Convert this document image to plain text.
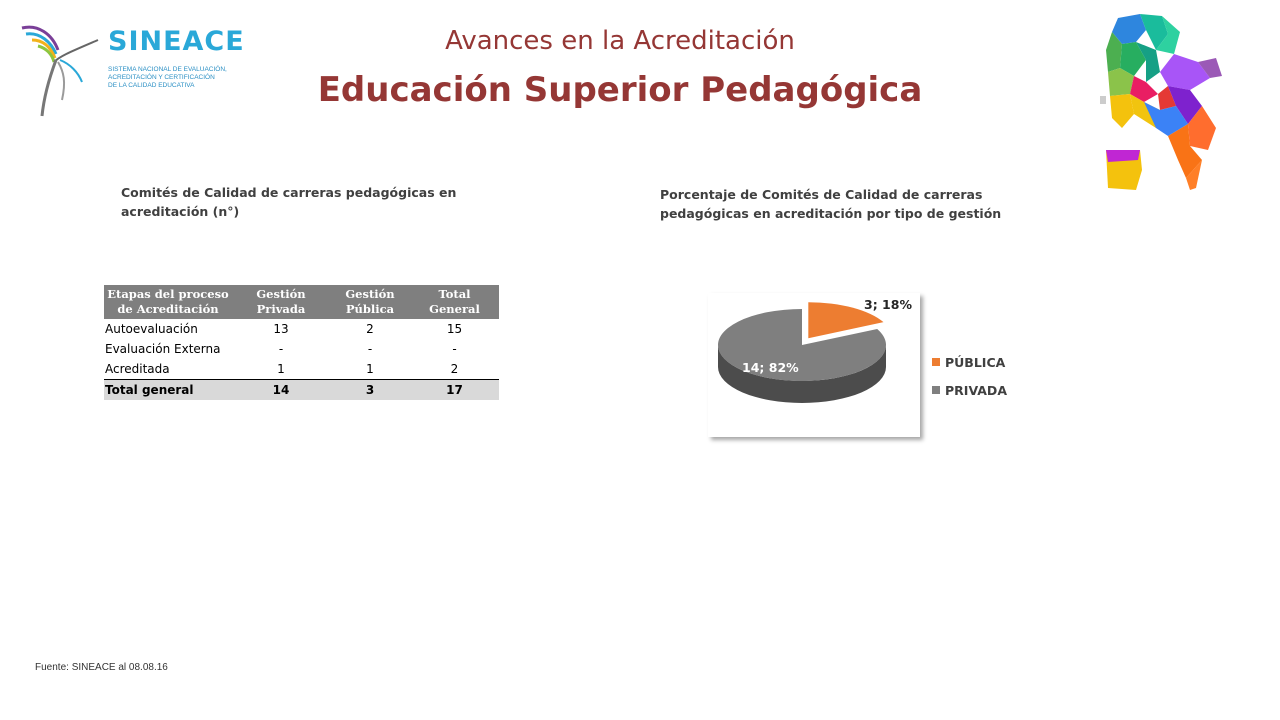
SINEACE
SISTEMA NACIONAL DE EVALUACIÓN,
ACREDITACIÓN Y CERTIFICACIÓN
DE LA CALIDAD EDUCATIVA
Avances en la Acreditación
Educación Superior Pedagógica
Comités de Calidad de carreras pedagógicas en acreditación (n°)
Porcentaje de Comités de Calidad de carreras pedagógicas en acreditación por tipo de gestión
Etapas del proceso de Acreditación	Gestión Privada	Gestión Pública	Total General
Autoevaluación	13	2	15
Evaluación Externa	-	-	-
Acreditada	1	1	2
Total general	14	3	17
14; 82%
3; 18%
PÚBLICA
PRIVADA
Fuente: SINEACE al 08.08.16
